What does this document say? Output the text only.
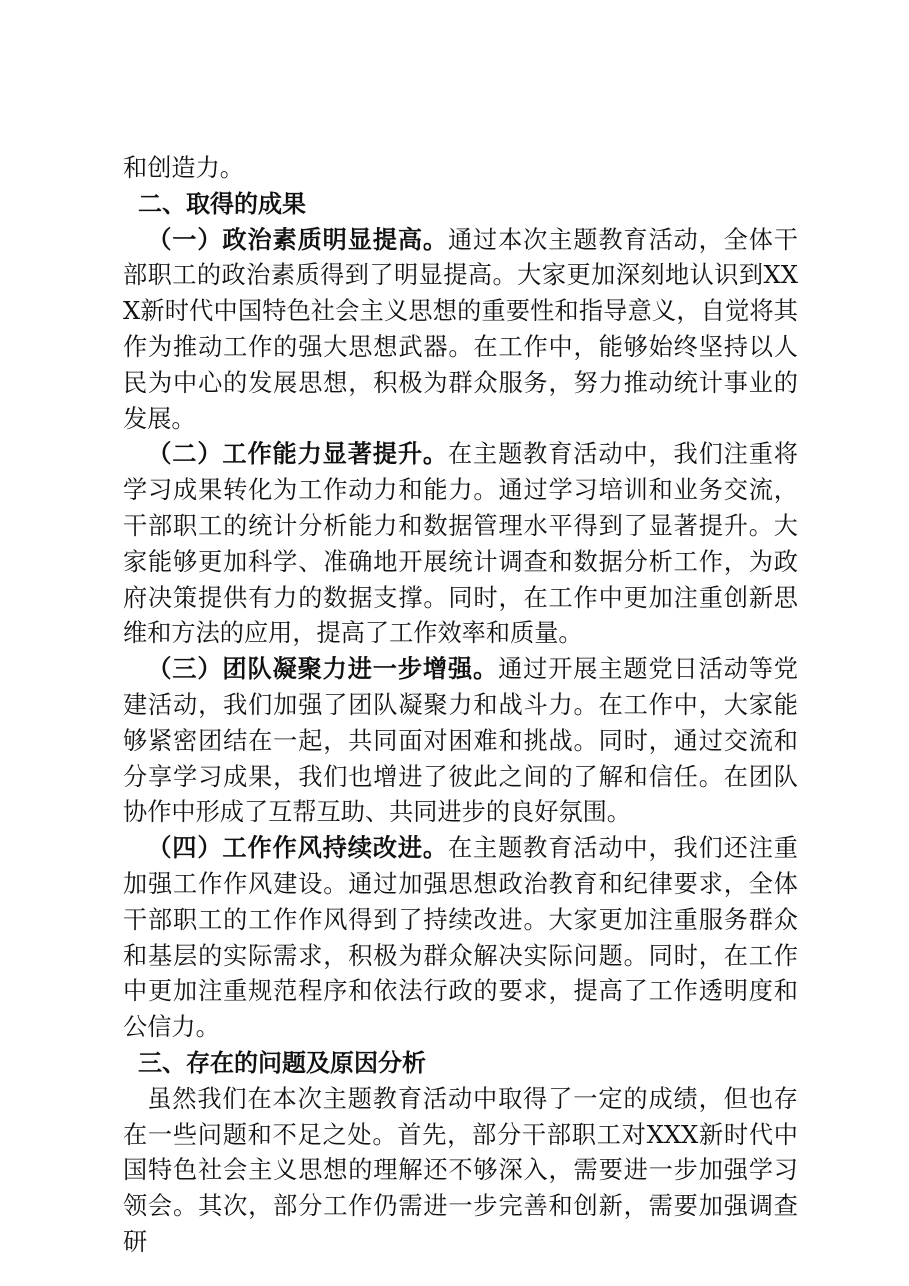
和创造力。

二、取得的成果

（一）政治素质明显提高。通过本次主题教育活动，全体干部职工的政治素质得到了明显提高。大家更加深刻地认识到XXX新时代中国特色社会主义思想的重要性和指导意义，自觉将其作为推动工作的强大思想武器。在工作中，能够始终坚持以人民为中心的发展思想，积极为群众服务，努力推动统计事业的发展。

（二）工作能力显著提升。在主题教育活动中，我们注重将学习成果转化为工作动力和能力。通过学习培训和业务交流，干部职工的统计分析能力和数据管理水平得到了显著提升。大家能够更加科学、准确地开展统计调查和数据分析工作，为政府决策提供有力的数据支撑。同时，在工作中更加注重创新思维和方法的应用，提高了工作效率和质量。

（三）团队凝聚力进一步增强。通过开展主题党日活动等党建活动，我们加强了团队凝聚力和战斗力。在工作中，大家能够紧密团结在一起，共同面对困难和挑战。同时，通过交流和分享学习成果，我们也增进了彼此之间的了解和信任。在团队协作中形成了互帮互助、共同进步的良好氛围。

（四）工作作风持续改进。在主题教育活动中，我们还注重加强工作作风建设。通过加强思想政治教育和纪律要求，全体干部职工的工作作风得到了持续改进。大家更加注重服务群众和基层的实际需求，积极为群众解决实际问题。同时，在工作中更加注重规范程序和依法行政的要求，提高了工作透明度和公信力。

三、存在的问题及原因分析

虽然我们在本次主题教育活动中取得了一定的成绩，但也存在一些问题和不足之处。首先，部分干部职工对XXX新时代中国特色社会主义思想的理解还不够深入，需要进一步加强学习领会。其次，部分工作仍需进一步完善和创新，需要加强调查研
